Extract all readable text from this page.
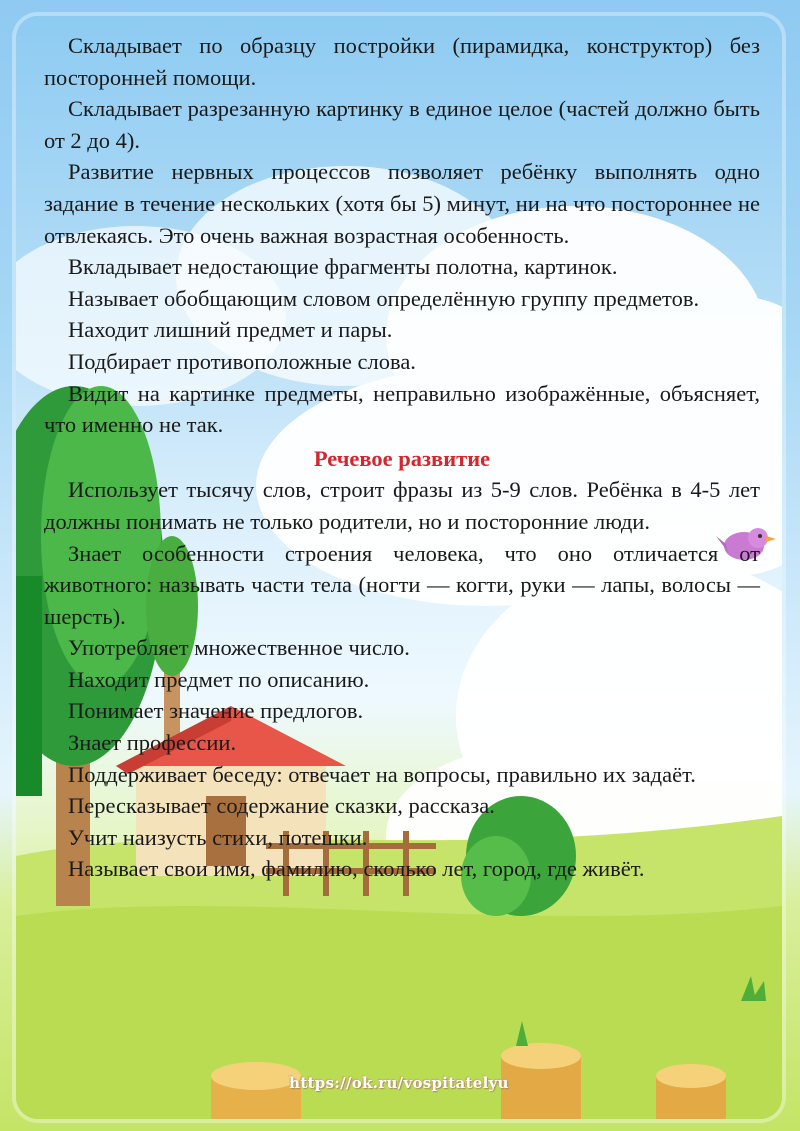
Складывает по образцу постройки (пирамидка, конструктор) без посторонней помощи.

Складывает разрезанную картинку в единое целое (частей должно быть от 2 до 4).

Развитие нервных процессов позволяет ребёнку выполнять одно задание в течение нескольких (хотя бы 5) минут, ни на что постороннее не отвлекаясь. Это очень важная возрастная особенность.

Вкладывает недостающие фрагменты полотна, картинок.

Называет обобщающим словом определённую группу предметов.

Находит лишний предмет и пары.

Подбирает противоположные слова.

Видит на картинке предметы, неправильно изображённые, объясняет, что именно не так.

Речевое развитие

Использует тысячу слов, строит фразы из 5-9 слов. Ребёнка в 4-5 лет должны понимать не только родители, но и посторонние люди.

Знает особенности строения человека, что оно отличается от животного: называть части тела (ногти — когти, руки — лапы, волосы — шерсть).

Употребляет множественное число.

Находит предмет по описанию.

Понимает значение предлогов.

Знает профессии.

Поддерживает беседу: отвечает на вопросы, правильно их задаёт.

Пересказывает содержание сказки, рассказа.

Учит наизусть стихи, потешки.

Называет свои имя, фамилию, сколько лет, город, где живёт.

https://ok.ru/vospitatelyu
